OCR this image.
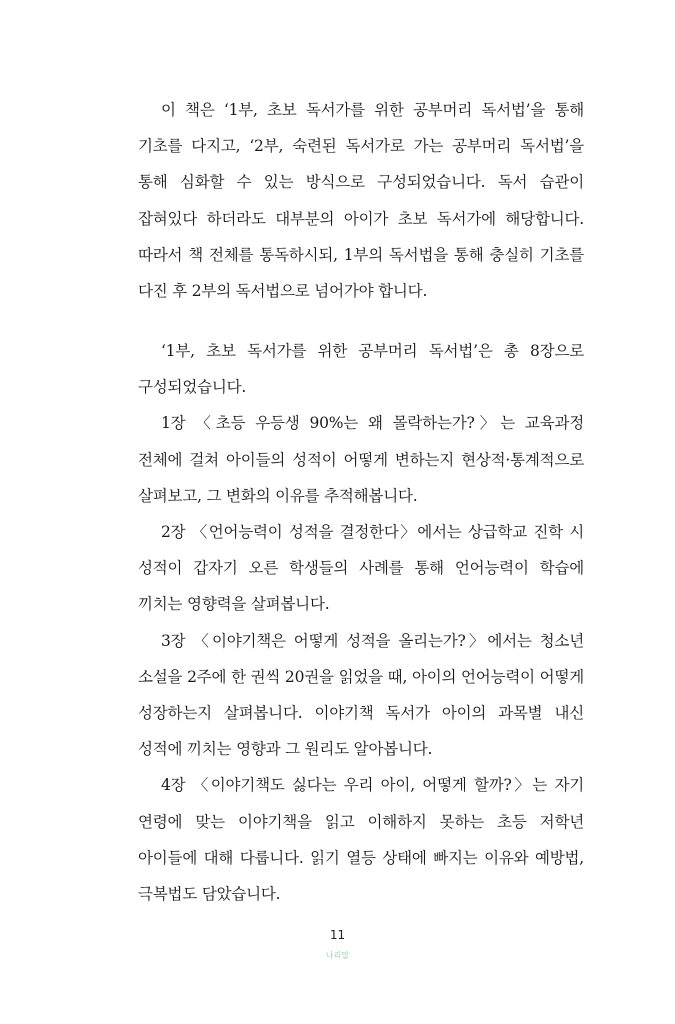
이 책은 ‘1부, 초보 독서가를 위한 공부머리 독서법’을 통해 기초를 다지고, ‘2부, 숙련된 독서가로 가는 공부머리 독서법’을 통해 심화할 수 있는 방식으로 구성되었습니다. 독서 습관이 잡혀있다 하더라도 대부분의 아이가 초보 독서가에 해당합니다. 따라서 책 전체를 통독하시되, 1부의 독서법을 통해 충실히 기초를 다진 후 2부의 독서법으로 넘어가야 합니다.

‘1부, 초보 독서가를 위한 공부머리 독서법’은 총 8장으로 구성되었습니다.

1장 〈초등 우등생 90%는 왜 몰락하는가?〉는 교육과정 전체에 걸쳐 아이들의 성적이 어떻게 변하는지 현상적·통계적으로 살펴보고, 그 변화의 이유를 추적해봅니다.

2장 〈언어능력이 성적을 결정한다〉에서는 상급학교 진학 시 성적이 갑자기 오른 학생들의 사례를 통해 언어능력이 학습에 끼치는 영향력을 살펴봅니다.

3장 〈이야기책은 어떻게 성적을 올리는가?〉에서는 청소년 소설을 2주에 한 권씩 20권을 읽었을 때, 아이의 언어능력이 어떻게 성장하는지 살펴봅니다. 이야기책 독서가 아이의 과목별 내신 성적에 끼치는 영향과 그 원리도 알아봅니다.

4장 〈이야기책도 싫다는 우리 아이, 어떻게 할까?〉는 자기 연령에 맞는 이야기책을 읽고 이해하지 못하는 초등 저학년 아이들에 대해 다룹니다. 읽기 열등 상태에 빠지는 이유와 예방법, 극복법도 담았습니다.

11
나리말
